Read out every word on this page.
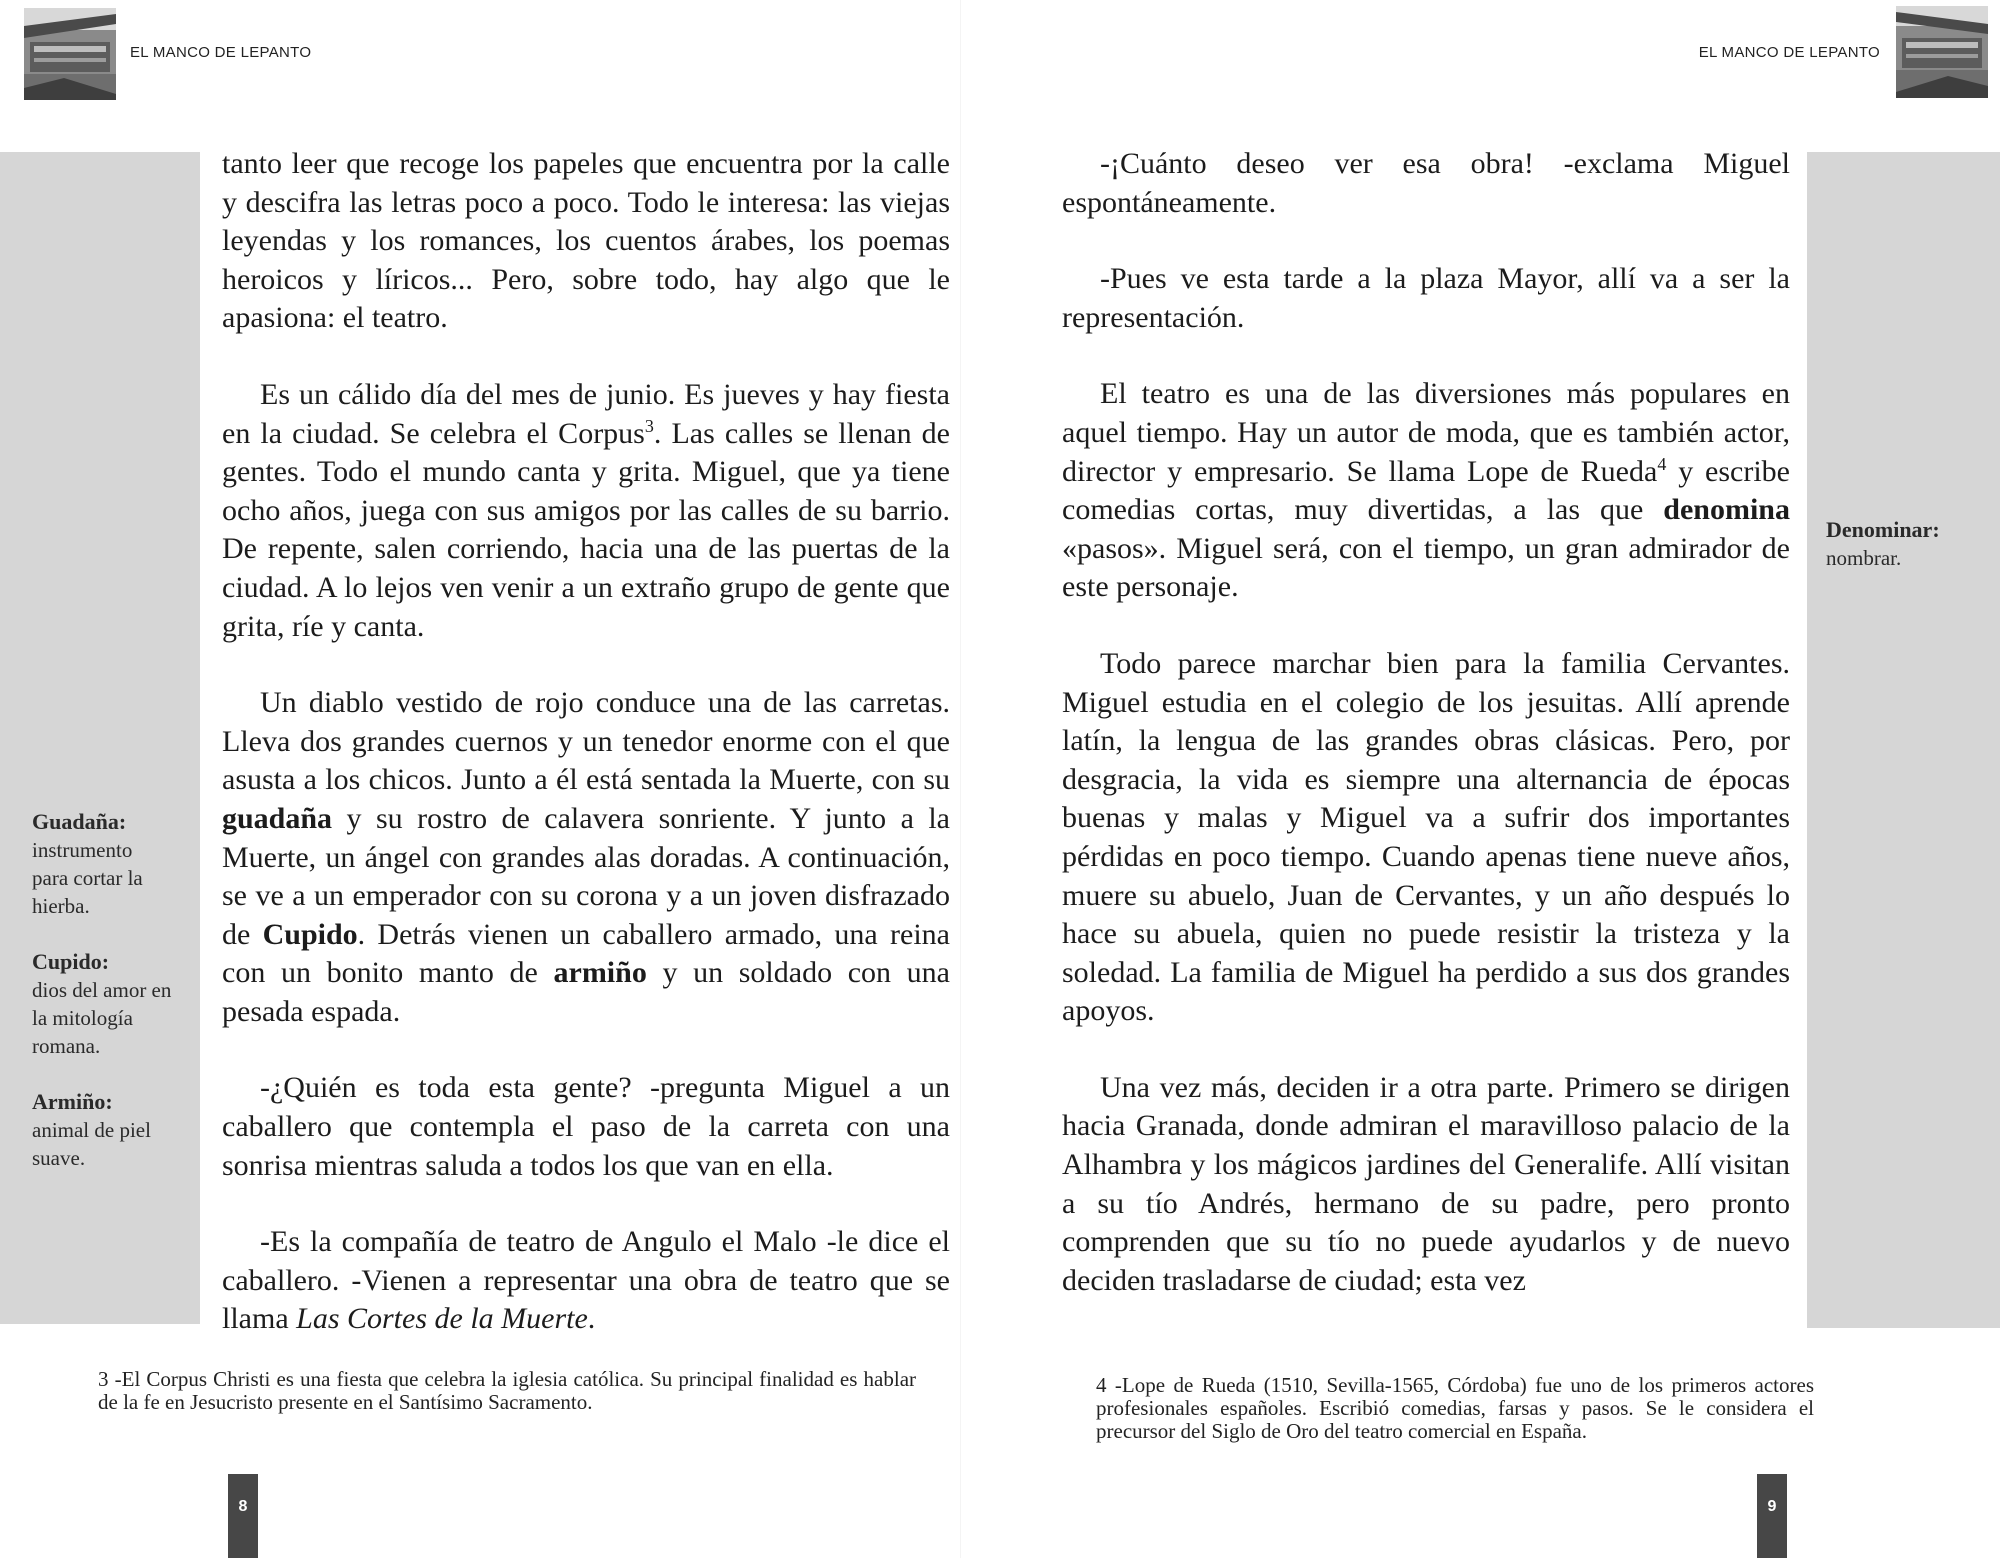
EL MANCO DE LEPANTO	EL MANCO DE LEPANTO

tanto leer que recoge los papeles que encuentra por la calle y descifra las letras poco a poco. Todo le interesa: las viejas leyendas y los romances, los cuentos árabes, los poemas heroicos y líricos... Pero, sobre todo, hay algo que le apasiona: el teatro.

Es un cálido día del mes de junio. Es jueves y hay fiesta en la ciudad. Se celebra el Corpus$^3$. Las calles se llenan de gentes. Todo el mundo canta y grita. Miguel, que ya tiene ocho años, juega con sus amigos por las calles de su barrio. De repente, salen corriendo, hacia una de las puertas de la ciudad. A lo lejos ven venir a un extraño grupo de gente que grita, ríe y canta.

Un diablo vestido de rojo conduce una de las carretas. Lleva dos grandes cuernos y un tenedor enorme con el que asusta a los chicos. Junto a él está sentada la Muerte, con su guadaña y su rostro de calavera sonriente. Y junto a la Muerte, un ángel con grandes alas doradas. A continuación, se ve a un emperador con su corona y a un joven disfrazado de Cupido. Detrás vienen un caballero armado, una reina con un bonito manto de armiño y un soldado con una pesada espada.

-¿Quién es toda esta gente? -pregunta Miguel a un caballero que contempla el paso de la carreta con una sonrisa mientras saluda a todos los que van en ella.

-Es la compañía de teatro de Angulo el Malo -le dice el caballero. -Vienen a representar una obra de teatro que se llama Las Cortes de la Muerte.

-¡Cuánto deseo ver esa obra! -exclama Miguel espontáneamente.

-Pues ve esta tarde a la plaza Mayor, allí va a ser la representación.

El teatro es una de las diversiones más populares en aquel tiempo. Hay un autor de moda, que es también actor, director y empresario. Se llama Lope de Rueda$^4$ y escribe comedias cortas, muy divertidas, a las que denomina «pasos». Miguel será, con el tiempo, un gran admirador de este personaje.

Todo parece marchar bien para la familia Cervantes. Miguel estudia en el colegio de los jesuitas. Allí aprende latín, la lengua de las grandes obras clásicas. Pero, por desgracia, la vida es siempre una alternancia de épocas buenas y malas y Miguel va a sufrir dos importantes pérdidas en poco tiempo. Cuando apenas tiene nueve años, muere su abuelo, Juan de Cervantes, y un año después lo hace su abuela, quien no puede resistir la tristeza y la soledad. La familia de Miguel ha perdido a sus dos grandes apoyos.

Una vez más, deciden ir a otra parte. Primero se dirigen hacia Granada, donde admiran el maravilloso palacio de la Alhambra y los mágicos jardines del Generalife. Allí visitan a su tío Andrés, hermano de su padre, pero pronto comprenden que su tío no puede ayudarlos y de nuevo deciden trasladarse de ciudad; esta vez

Guadaña:
instrumento para cortar la hierba.
Cupido:
dios del amor en la mitología romana.
Armiño:
animal de piel suave.
Denominar:
nombrar.
3 -El Corpus Christi es una fiesta que celebra la iglesia católica. Su principal finalidad es hablar de la fe en Jesucristo presente en el Santísimo Sacramento.
4 -Lope de Rueda (1510, Sevilla-1565, Córdoba) fue uno de los primeros actores profesionales españoles. Escribió comedias, farsas y pasos. Se le considera el precursor del Siglo de Oro del teatro comercial en España.
8	9
